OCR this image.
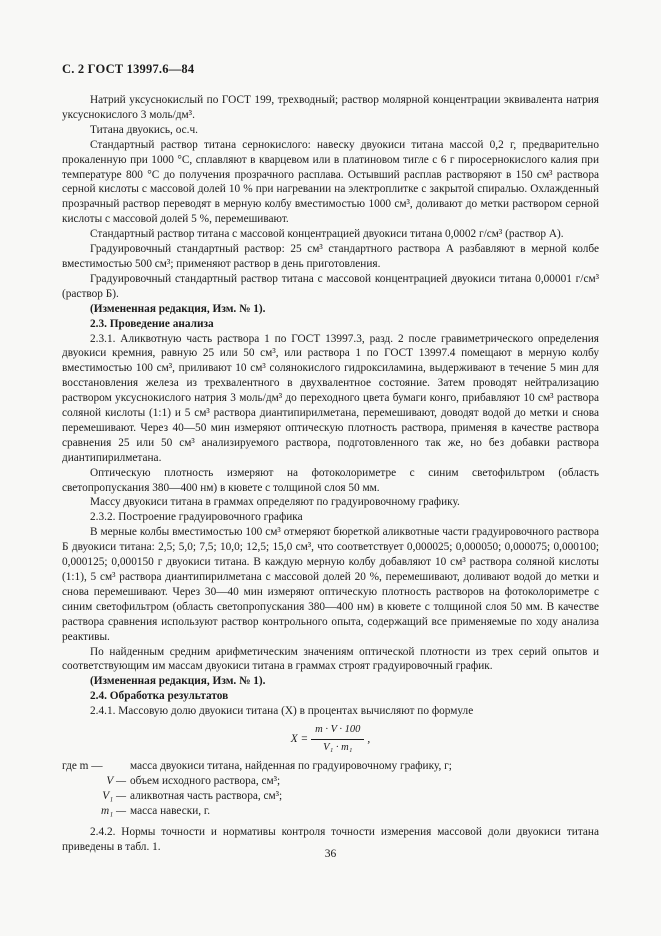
С. 2 ГОСТ 13997.6—84

Натрий уксуснокислый по ГОСТ 199, трехводный; раствор молярной концентрации эквивалента натрия уксуснокислого 3 моль/дм³.

Титана двуокись, ос.ч.

Стандартный раствор титана сернокислого: навеску двуокиси титана массой 0,2 г, предварительно прокаленную при 1000 °С, сплавляют в кварцевом или в платиновом тигле с 6 г пиросернокислого калия при температуре 800 °С до получения прозрачного расплава. Остывший расплав растворяют в 150 см³ раствора серной кислоты с массовой долей 10 % при нагревании на электроплитке с закрытой спиралью. Охлажденный прозрачный раствор переводят в мерную колбу вместимостью 1000 см³, доливают до метки раствором серной кислоты с массовой долей 5 %, перемешивают.

Стандартный раствор титана с массовой концентрацией двуокиси титана 0,0002 г/см³ (раствор А).

Градуировочный стандартный раствор: 25 см³ стандартного раствора А разбавляют в мерной колбе вместимостью 500 см³; применяют раствор в день приготовления.

Градуировочный стандартный раствор титана с массовой концентрацией двуокиси титана 0,00001 г/см³ (раствор Б).

(Измененная редакция, Изм. № 1).

2.3. Проведение анализа

2.3.1. Аликвотную часть раствора 1 по ГОСТ 13997.3, разд. 2 после гравиметрического определения двуокиси кремния, равную 25 или 50 см³, или раствора 1 по ГОСТ 13997.4 помещают в мерную колбу вместимостью 100 см³, приливают 10 см³ солянокислого гидроксиламина, выдерживают в течение 5 мин для восстановления железа из трехвалентного в двухвалентное состояние. Затем проводят нейтрализацию раствором уксуснокислого натрия 3 моль/дм³ до переходного цвета бумаги конго, прибавляют 10 см³ раствора соляной кислоты (1:1) и 5 см³ раствора диантипирилметана, перемешивают, доводят водой до метки и снова перемешивают. Через 40—50 мин измеряют оптическую плотность раствора, применяя в качестве раствора сравнения 25 или 50 см³ анализируемого раствора, подготовленного так же, но без добавки раствора диантипирилметана.

Оптическую плотность измеряют на фотоколориметре с синим светофильтром (область светопропускания 380—400 нм) в кювете с толщиной слоя 50 мм.

Массу двуокиси титана в граммах определяют по градуировочному графику.

2.3.2. Построение градуировочного графика

В мерные колбы вместимостью 100 см³ отмеряют бюреткой аликвотные части градуировочного раствора Б двуокиси титана: 2,5; 5,0; 7,5; 10,0; 12,5; 15,0 см³, что соответствует 0,000025; 0,000050; 0,000075; 0,000100; 0,000125; 0,000150 г двуокиси титана. В каждую мерную колбу добавляют 10 см³ раствора соляной кислоты (1:1), 5 см³ раствора диантипирилметана с массовой долей 20 %, перемешивают, доливают водой до метки и снова перемешивают. Через 30—40 мин измеряют оптическую плотность растворов на фотоколориметре с синим светофильтром (область светопропускания 380—400 нм) в кювете с толщиной слоя 50 мм. В качестве раствора сравнения используют раствор контрольного опыта, содержащий все применяемые по ходу анализа реактивы.

По найденным средним арифметическим значениям оптической плотности из трех серий опытов и соответствующим им массам двуокиси титана в граммах строят градуировочный график.

(Измененная редакция, Изм. № 1).

2.4. Обработка результатов

2.4.1. Массовую долю двуокиси титана (X) в процентах вычисляют по формуле

$X = \frac{m \cdot V \cdot 100}{\text{V₁ · m₁}}$ ,
где m —	масса двуокиси титана, найденная по градуировочному графику, г;
V — объем исходного раствора, см³;
V₁ — аликвотная часть раствора, см³;
m₁ — масса навески, г.

2.4.2. Нормы точности и нормативы контроля точности измерения массовой доли двуокиси титана приведены в табл. 1.

36
